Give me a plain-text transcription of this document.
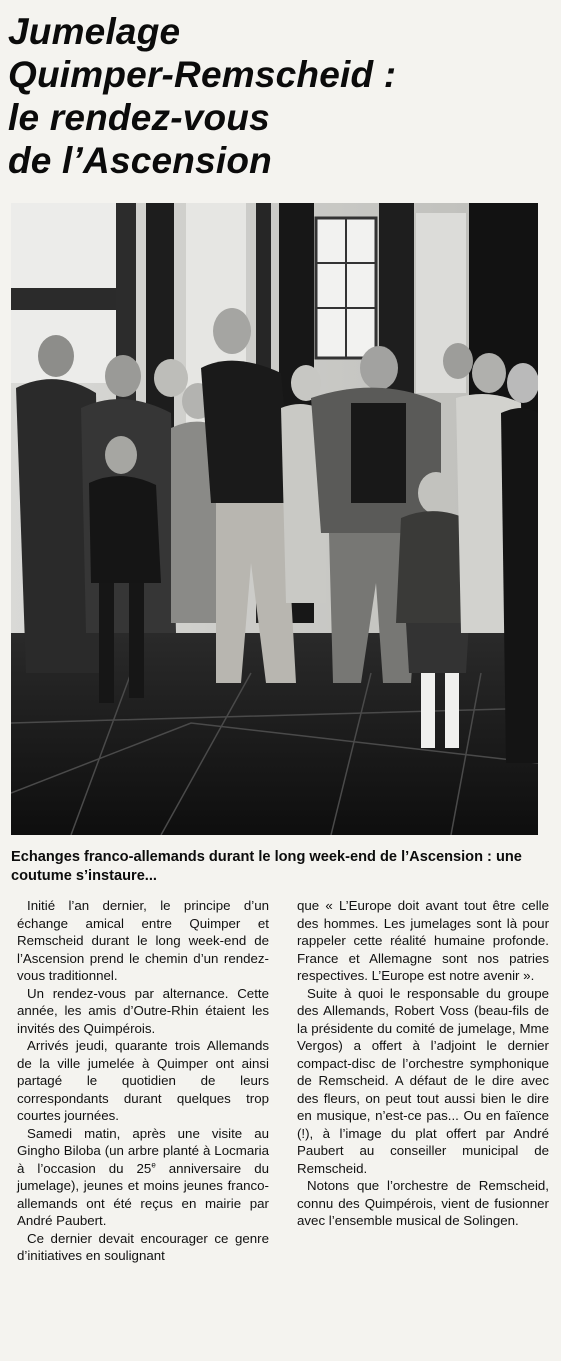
Jumelage
Quimper-Remscheid :
le rendez-vous
de l’Ascension

Echanges franco-allemands durant le long week-end de l’Ascension : une coutume s’instaure...

Initié l’an dernier, le principe d’un échange amical entre Quimper et Remscheid durant le long week-end de l’Ascension prend le chemin d’un rendez-vous traditionnel.

Un rendez-vous par alternance. Cette année, les amis d’Outre-Rhin étaient les invités des Quimpérois.

Arrivés jeudi, quarante trois Allemands de la ville jumelée à Quimper ont ainsi partagé le quotidien de leurs correspondants durant quelques trop courtes journées.

Samedi matin, après une visite au Gingho Biloba (un arbre planté à Locmaria à l’occasion du 25e anniversaire du jumelage), jeunes et moins jeunes franco-allemands ont été reçus en mairie par André Paubert.

Ce dernier devait encourager ce genre d’initiatives en soulignant

que « L’Europe doit avant tout être celle des hommes. Les jumelages sont là pour rappeler cette réalité humaine profonde. France et Allemagne sont nos patries respectives. L’Europe est notre avenir ».

Suite à quoi le responsable du groupe des Allemands, Robert Voss (beau-fils de la présidente du comité de jumelage, Mme Vergos) a offert à l’adjoint le dernier compact-disc de l’orchestre symphonique de Remscheid. A défaut de le dire avec des fleurs, on peut tout aussi bien le dire en musique, n’est-ce pas... Ou en faïence (!), à l’image du plat offert par André Paubert au conseiller municipal de Remscheid.

Notons que l’orchestre de Remscheid, connu des Quimpérois, vient de fusionner avec l’ensemble musical de Solingen.
